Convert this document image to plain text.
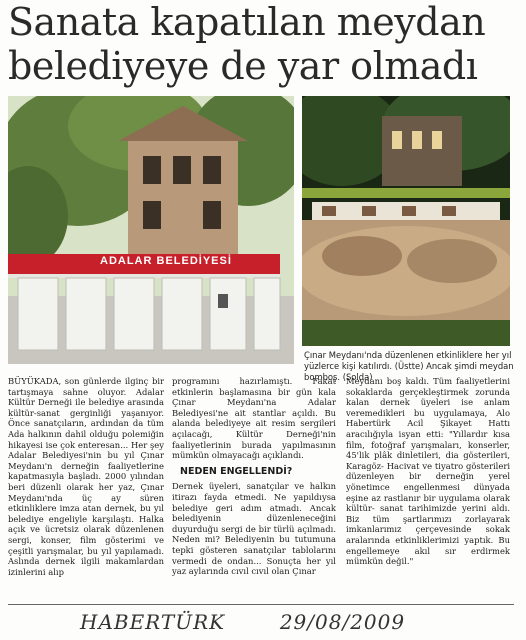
Sanata kapatılan meydan
belediyeye de yar olmadı
ADALAR BELEDİYESİ
Çınar Meydanı'nda düzenlenen etkinliklere her yıl yüzlerce kişi katılırdı. (Üstte) Ancak şimdi meydan bomboş. (Solda)

BÜYÜKADA, son günlerde ilginç bir tartışmaya sahne oluyor. Adalar Kültür Derneği ile belediye arasında kültür-sanat gerginliği yaşanıyor. Önce sanatçıların, ardından da tüm Ada halkının dahil olduğu polemiğin hikayesi ise çok enteresan... Her şey Adalar Belediyesi'nin bu yıl Çınar Meydanı'n derneğin faaliyetlerine kapatmasıyla başladı. 2000 yılından beri düzenli olarak her yaz, Çınar Meydanı'nda üç ay süren etkinliklere imza atan dernek, bu yıl belediye engeliyle karşılaştı. Halka açık ve ücretsiz olarak düzenlenen sergi, konser, film gösterimi ve çeşitli yarışmalar, bu yıl yapılamadı. Aslında dernek ilgili makamlardan izinlerini alıp

programını hazırlamıştı. Fakat etkinlerin başlamasına bir gün kala Çınar Meydanı'na Adalar Belediyesi'ne ait stantlar açıldı. Bu alanda belediyeye ait resim sergileri açılacağı, Kültür Derneği'nin faaliyetlerinin burada yapılmasının mümkün olmayacağı açıklandı.

NEDEN ENGELLENDİ?

Dernek üyeleri, sanatçılar ve halkın itirazı fayda etmedi. Ne yapıldıysa belediye geri adım atmadı. Ancak belediyenin düzenleneceğini duyurduğu sergi de bir türlü açılmadı. Neden mi? Belediyenin bu tutumuna tepki gösteren sanatçılar tablolarını vermedi de ondan... Sonuçta her yıl yaz aylarında cıvıl cıvıl olan Çınar

Meydanı boş kaldı. Tüm faaliyetlerini sokaklarda gerçekleştirmek zorunda kalan dernek üyeleri ise anlam veremedikleri bu uygulamaya, Alo Habertürk Acil Şikayet Hattı aracılığıyla isyan etti: "Yıllardır kısa film, fotoğraf yarışmaları, konserler, 45'lik plâk dinletileri, dia gösterileri, Karagöz- Hacivat ve tiyatro gösterileri düzenleyen bir derneğin yerel yönetimce engellenmesi dünyada eşine az rastlanır bir uygulama olarak kültür- sanat tarihimizde yerini aldı. Biz tüm şartlarımızı zorlayarak imkanlarımız çerçevesinde sokak aralarında etkinliklerimizi yaptık. Bu engellemeye akıl sır erdirmek mümkün değil."

HABERTÜRK	29/08/2009
